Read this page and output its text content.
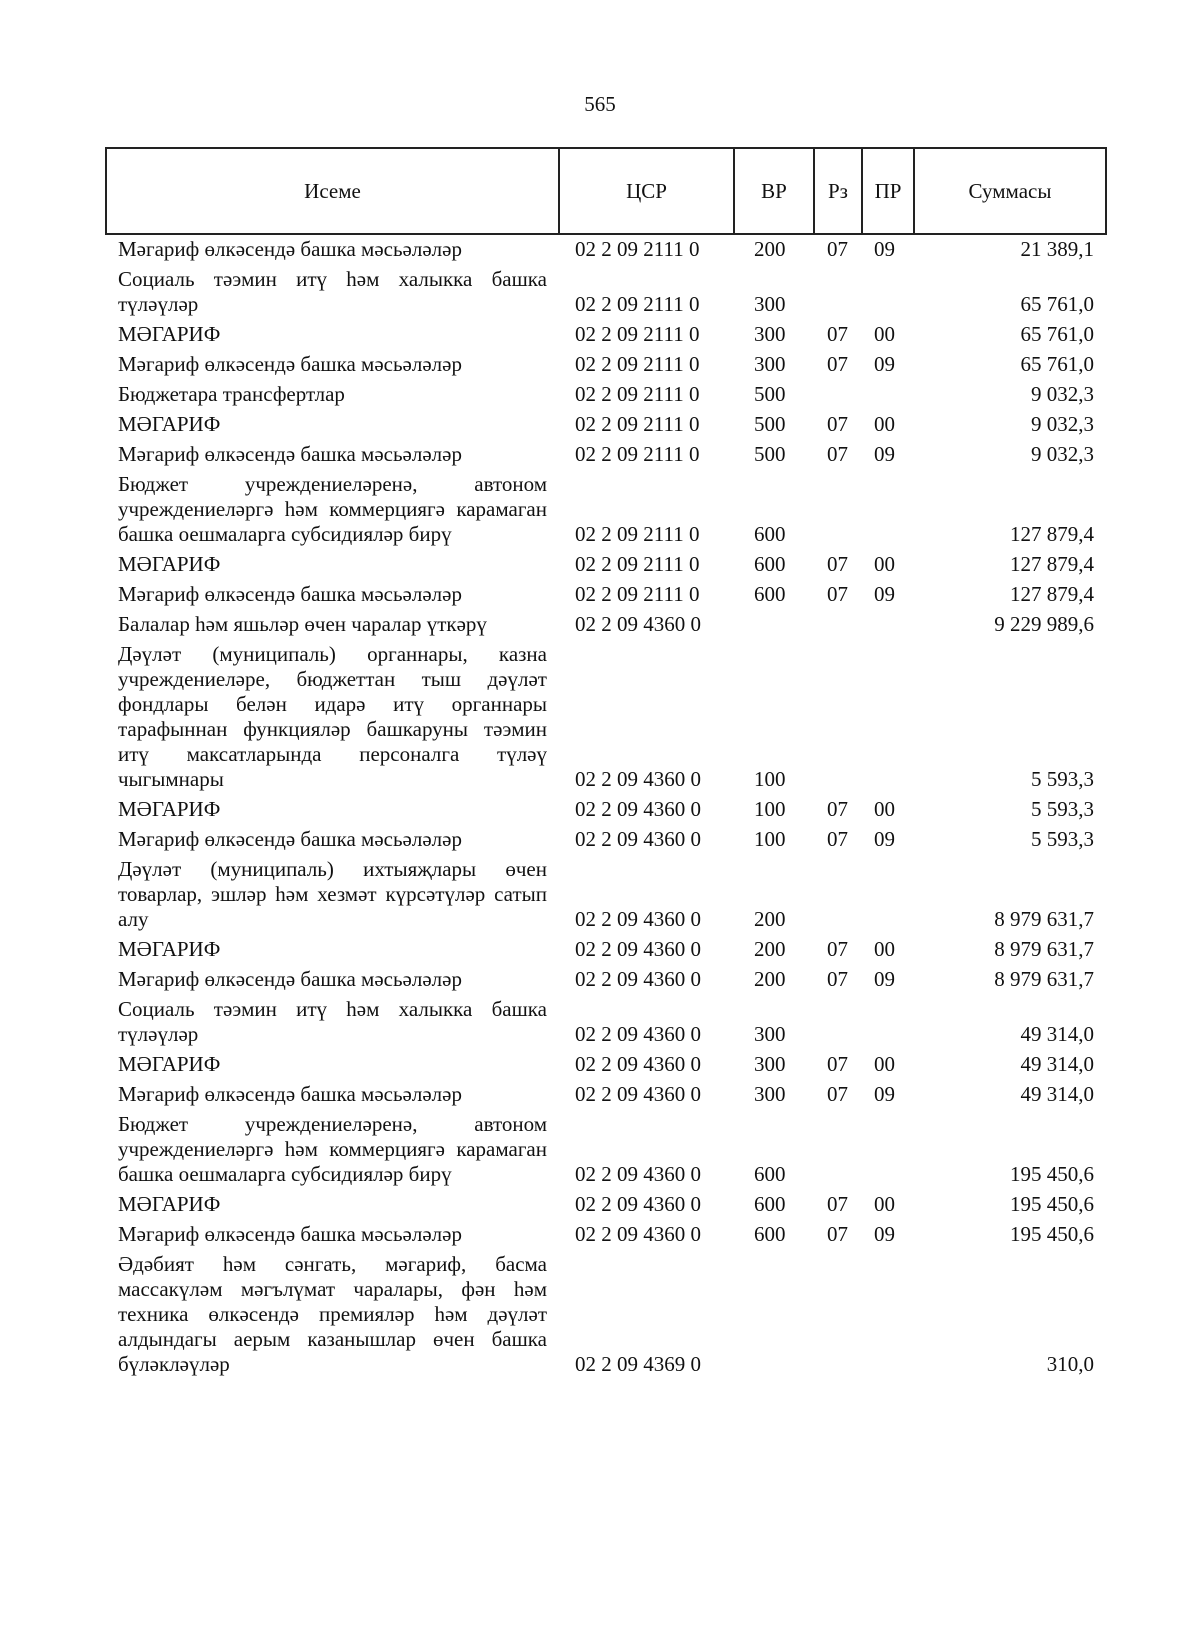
565
Исеме	ЦСР	ВР	Рз	ПР	Суммасы
Мәгариф өлкәсендә башка мәсьәләләр	02 2 09 2111 0	200	07	09	21 389,1
Социаль тәэмин итү һәм халыкка башка түләүләр	02 2 09 2111 0	300			65 761,0
МӘГАРИФ	02 2 09 2111 0	300	07	00	65 761,0
Мәгариф өлкәсендә башка мәсьәләләр	02 2 09 2111 0	300	07	09	65 761,0
Бюджетара трансфертлар	02 2 09 2111 0	500			9 032,3
МӘГАРИФ	02 2 09 2111 0	500	07	00	9 032,3
Мәгариф өлкәсендә башка мәсьәләләр	02 2 09 2111 0	500	07	09	9 032,3
Бюджет учреждениеләренә, автоном учреждениеләргә һәм коммерциягә карамаган башка оешмаларга субсидияләр бирү	02 2 09 2111 0	600			127 879,4
МӘГАРИФ	02 2 09 2111 0	600	07	00	127 879,4
Мәгариф өлкәсендә башка мәсьәләләр	02 2 09 2111 0	600	07	09	127 879,4
Балалар һәм яшьләр өчен чаралар үткәрү	02 2 09 4360 0				9 229 989,6
Дәүләт (муниципаль) органнары, казна учреждениеләре, бюджеттан тыш дәүләт фондлары белән идарә итү органнары тарафыннан функцияләр башкаруны тәэмин итү максатларында персоналга түләү чыгымнары	02 2 09 4360 0	100			5 593,3
МӘГАРИФ	02 2 09 4360 0	100	07	00	5 593,3
Мәгариф өлкәсендә башка мәсьәләләр	02 2 09 4360 0	100	07	09	5 593,3
Дәүләт (муниципаль) ихтыяҗлары өчен товарлар, эшләр һәм хезмәт күрсәтүләр сатып алу	02 2 09 4360 0	200			8 979 631,7
МӘГАРИФ	02 2 09 4360 0	200	07	00	8 979 631,7
Мәгариф өлкәсендә башка мәсьәләләр	02 2 09 4360 0	200	07	09	8 979 631,7
Социаль тәэмин итү һәм халыкка башка түләүләр	02 2 09 4360 0	300			49 314,0
МӘГАРИФ	02 2 09 4360 0	300	07	00	49 314,0
Мәгариф өлкәсендә башка мәсьәләләр	02 2 09 4360 0	300	07	09	49 314,0
Бюджет учреждениеләренә, автоном учреждениеләргә һәм коммерциягә карамаган башка оешмаларга субсидияләр бирү	02 2 09 4360 0	600			195 450,6
МӘГАРИФ	02 2 09 4360 0	600	07	00	195 450,6
Мәгариф өлкәсендә башка мәсьәләләр	02 2 09 4360 0	600	07	09	195 450,6
Әдәбият һәм сәнгать, мәгариф, басма массакүләм мәгълүмат чаралары, фән һәм техника өлкәсендә премияләр һәм дәүләт алдындагы аерым казанышлар өчен башка бүләкләүләр	02 2 09 4369 0				310,0
